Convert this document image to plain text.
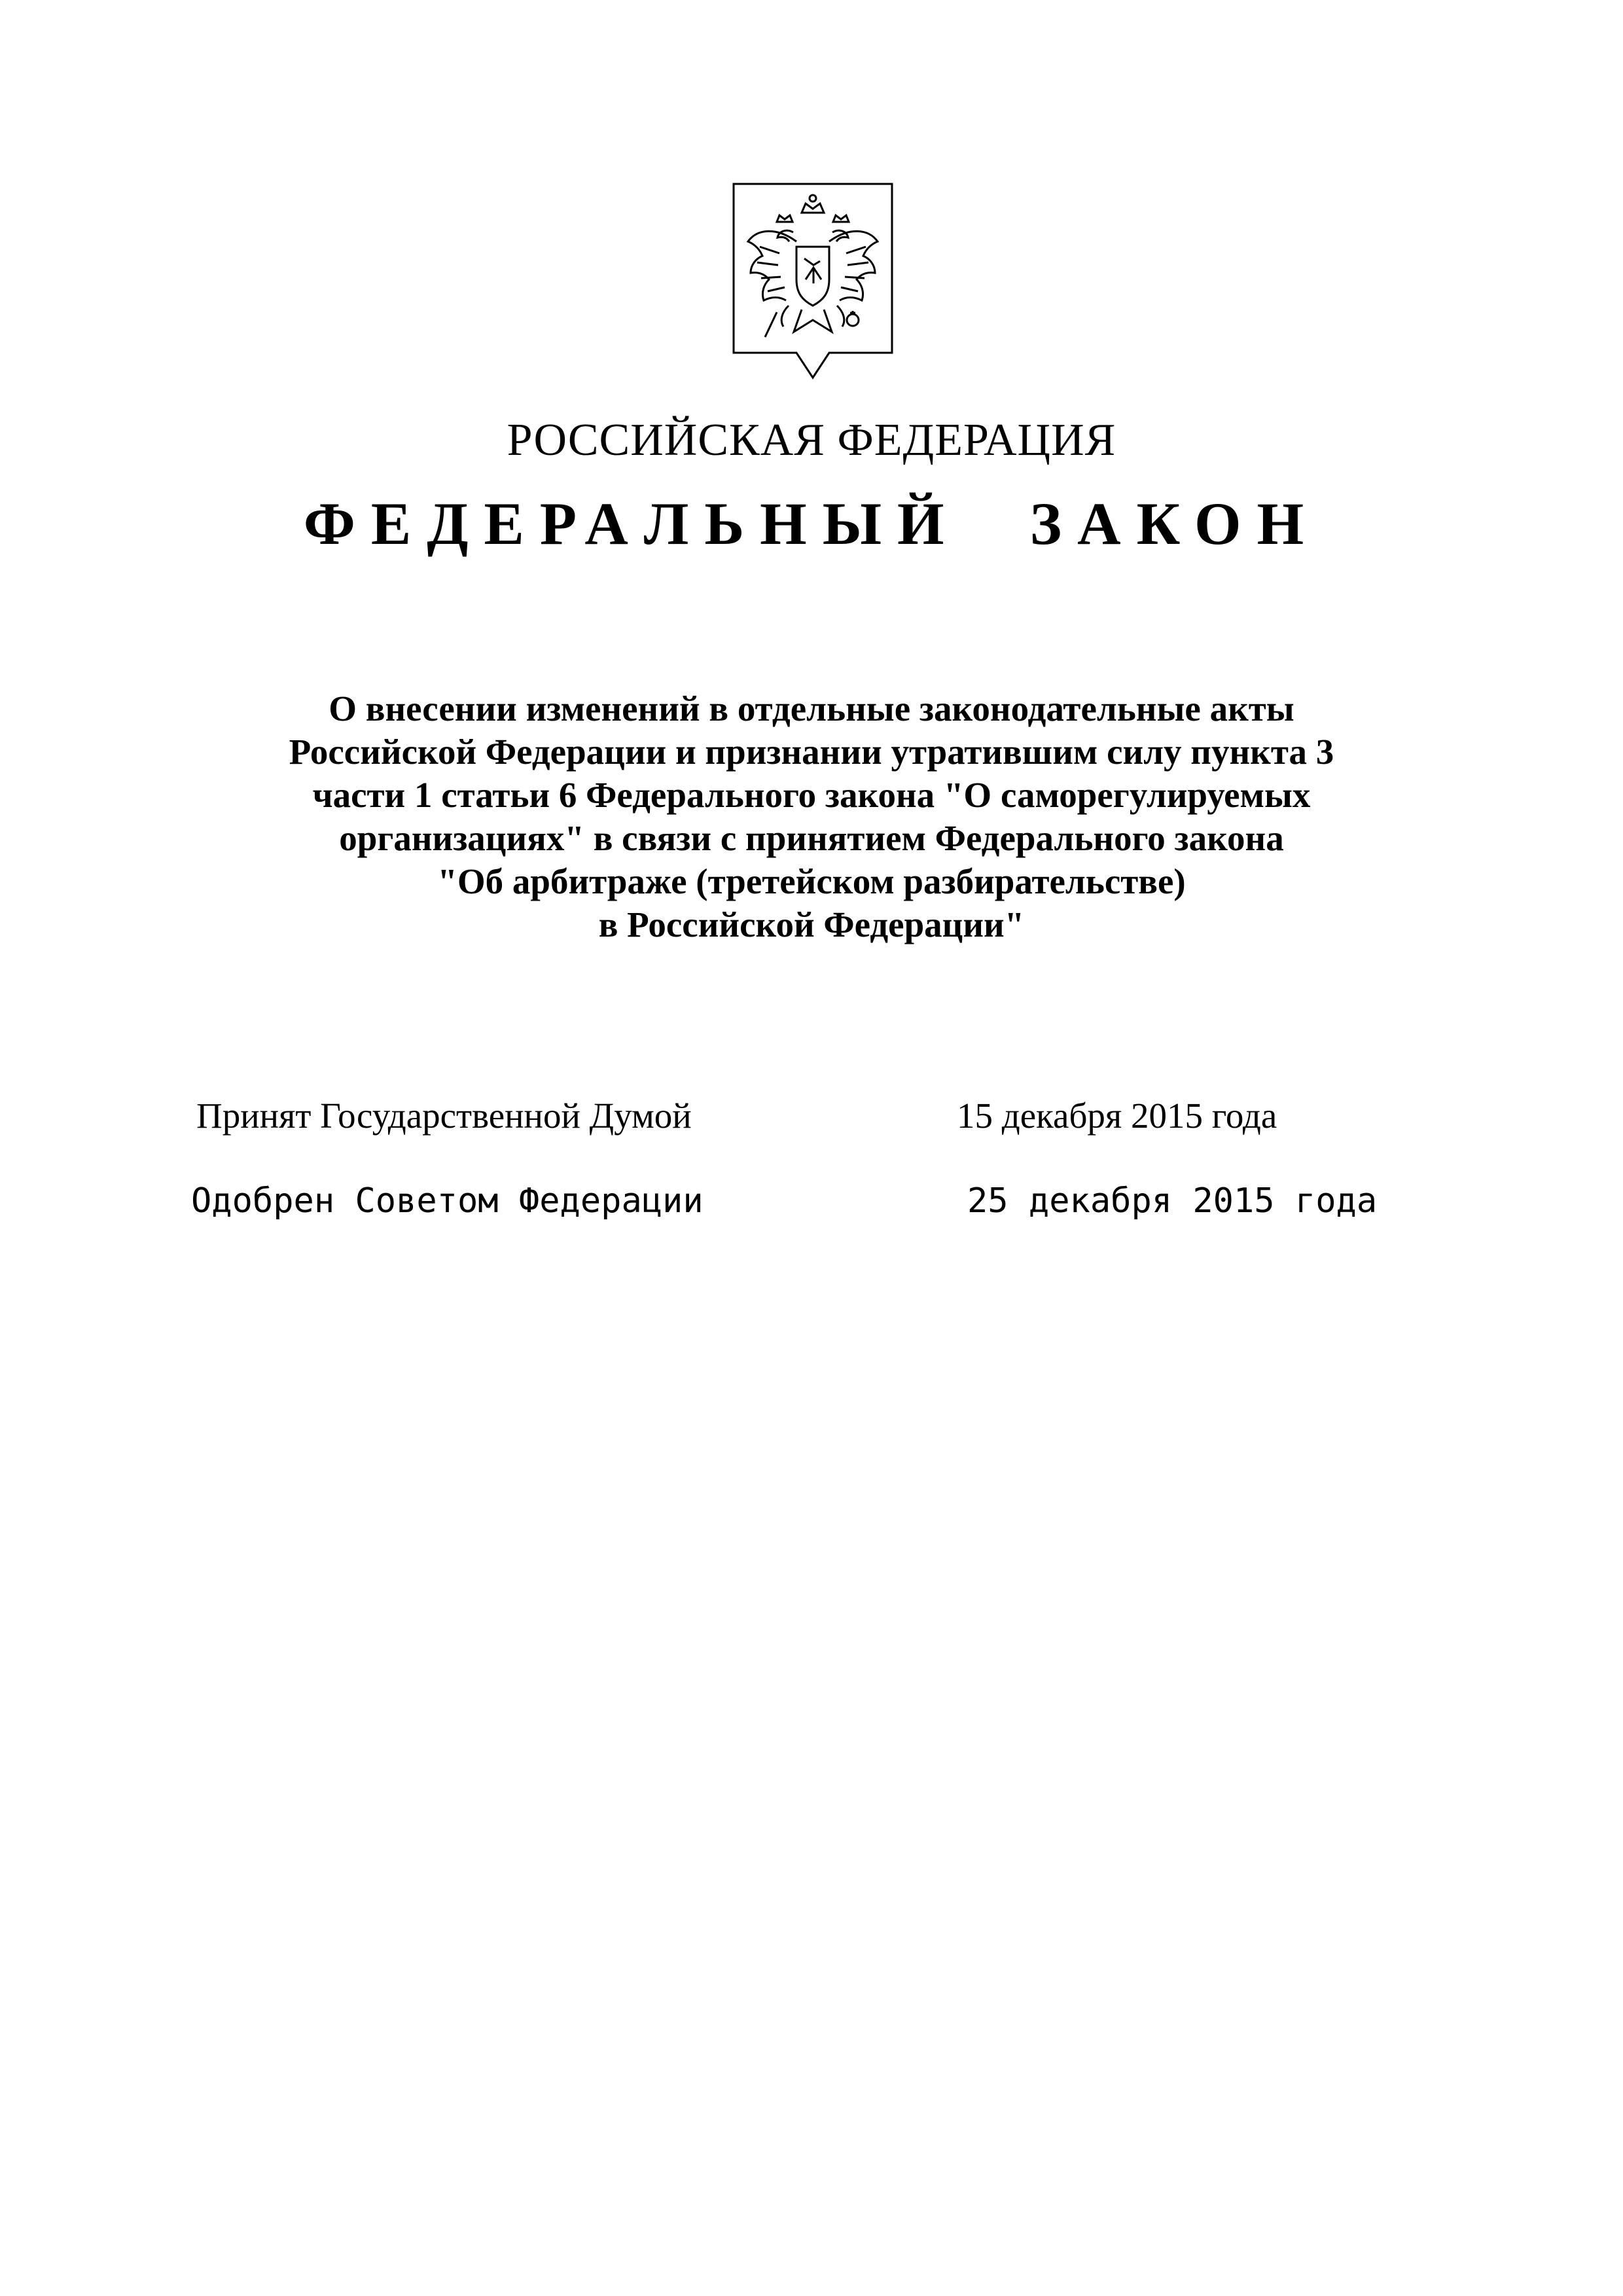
РОССИЙСКАЯ ФЕДЕРАЦИЯ
ФЕДЕРАЛЬНЫЙ ЗАКОН
О внесении изменений в отдельные законодательные акты
Российской Федерации и признании утратившим силу пункта 3
части 1 статьи 6 Федерального закона "О саморегулируемых
организациях" в связи с принятием Федерального закона
"Об арбитраже (третейском разбирательстве)
в Российской Федерации"
Принят Государственной Думой	15 декабря 2015 года
Одобрен Советом Федерации	25 декабря 2015 года
